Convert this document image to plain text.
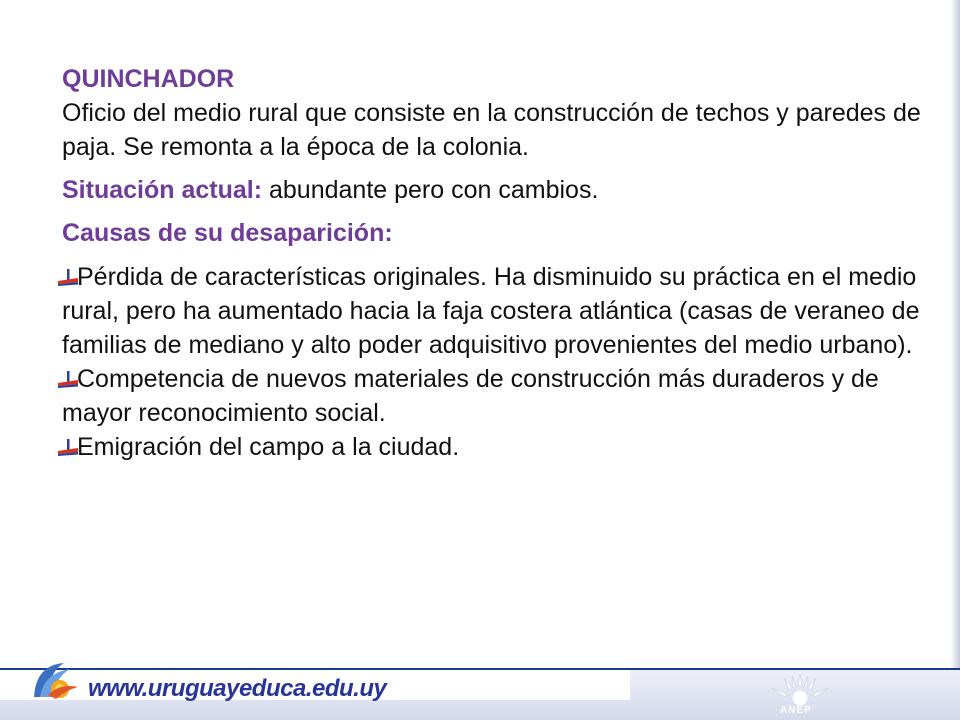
QUINCHADOR

Oficio del medio rural que consiste en la construcción de techos y paredes de paja. Se remonta a la época de la colonia.

Situación actual: abundante pero con cambios.

Causas de su desaparición:

Pérdida de características originales. Ha disminuido su práctica en el medio rural, pero ha aumentado hacia la faja costera atlántica (casas de veraneo de familias de mediano y alto poder adquisitivo provenientes del medio urbano).

Competencia de nuevos materiales de construcción más duraderos y de mayor reconocimiento social.

Emigración del campo a la ciudad.

www.uruguayeduca.edu.uy
ANEP
